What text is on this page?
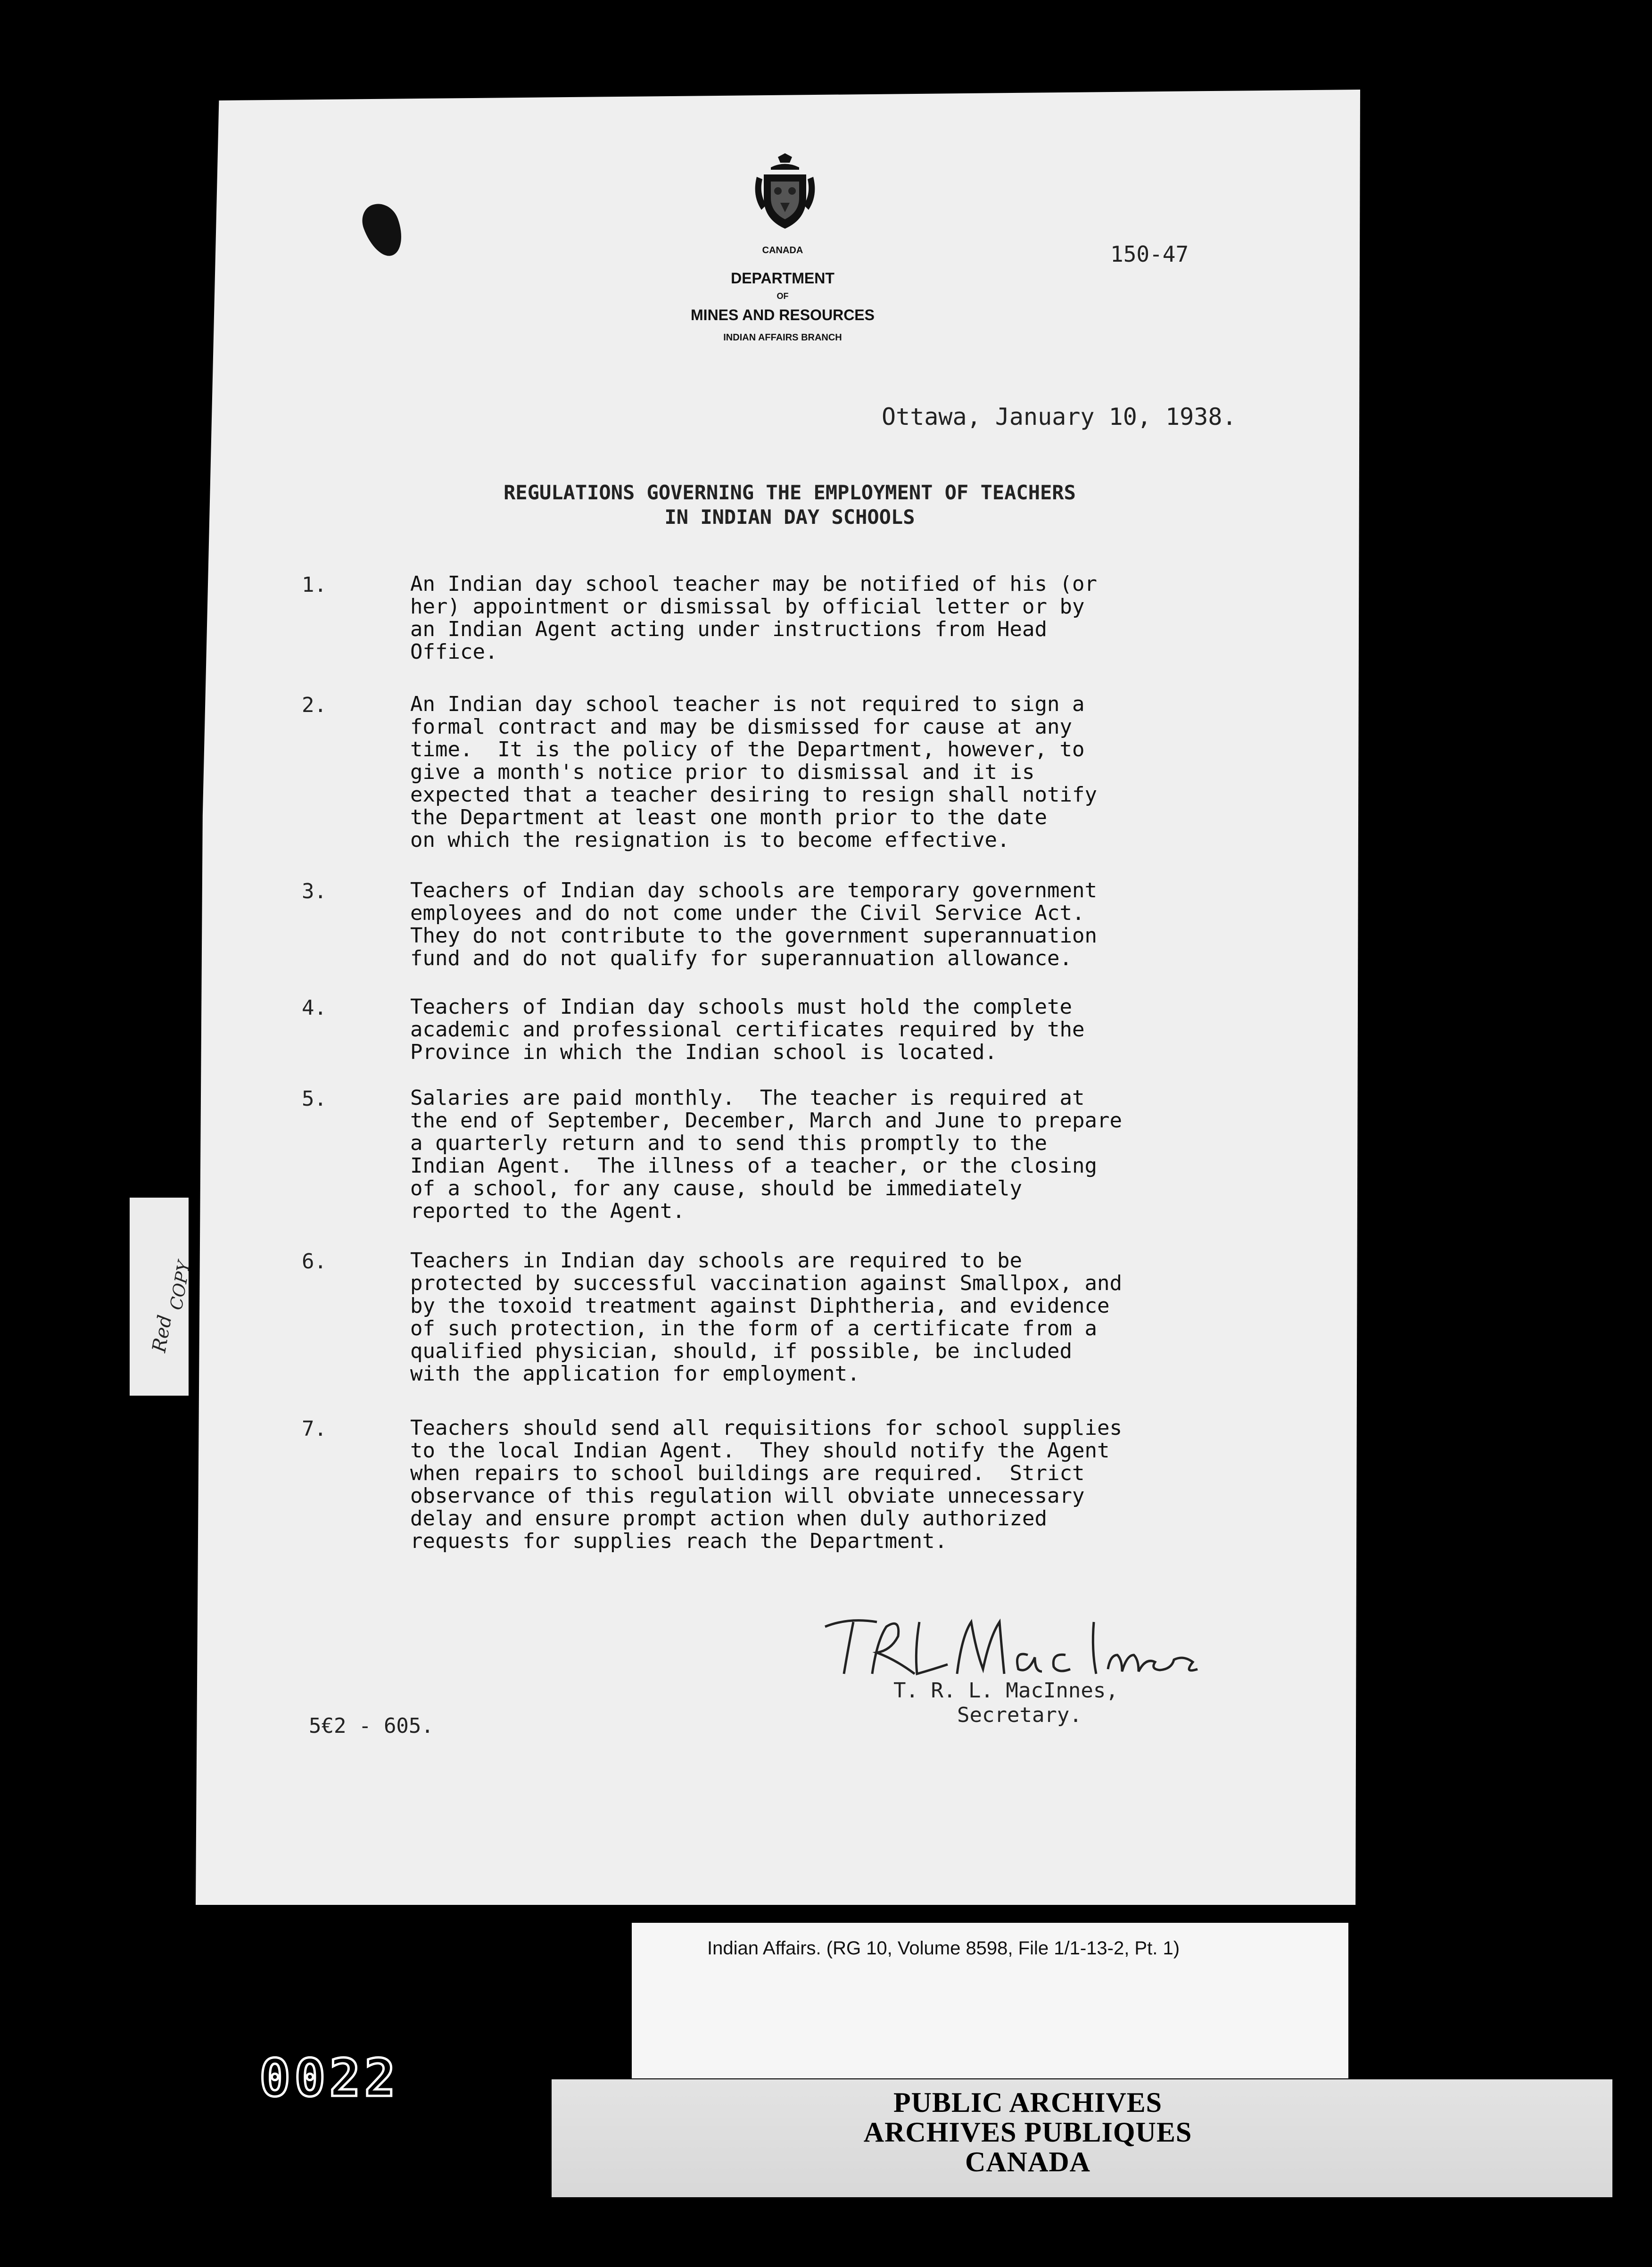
CANADA
DEPARTMENT
OF
MINES AND RESOURCES
INDIAN AFFAIRS BRANCH
150-47
Ottawa, January 10, 1938.
REGULATIONS GOVERNING THE EMPLOYMENT OF TEACHERS
IN INDIAN DAY SCHOOLS
1.	An Indian day school teacher may be notified of his (or
her) appointment or dismissal by official letter or by
an Indian Agent acting under instructions from Head
Office.
2.	An Indian day school teacher is not required to sign a
formal contract and may be dismissed for cause at any
time.  It is the policy of the Department, however, to
give a month's notice prior to dismissal and it is
expected that a teacher desiring to resign shall notify
the Department at least one month prior to the date
on which the resignation is to become effective.
3.	Teachers of Indian day schools are temporary government
employees and do not come under the Civil Service Act.
They do not contribute to the government superannuation
fund and do not qualify for superannuation allowance.
4.	Teachers of Indian day schools must hold the complete
academic and professional certificates required by the
Province in which the Indian school is located.
5.	Salaries are paid monthly.  The teacher is required at
the end of September, December, March and June to prepare
a quarterly return and to send this promptly to the
Indian Agent.  The illness of a teacher, or the closing
of a school, for any cause, should be immediately
reported to the Agent.
6.	Teachers in Indian day schools are required to be
protected by successful vaccination against Smallpox, and
by the toxoid treatment against Diphtheria, and evidence
of such protection, in the form of a certificate from a
qualified physician, should, if possible, be included
with the application for employment.
7.	Teachers should send all requisitions for school supplies
to the local Indian Agent.  They should notify the Agent
when repairs to school buildings are required.  Strict
observance of this regulation will obviate unnecessary
delay and ensure prompt action when duly authorized
requests for supplies reach the Department.
T. R. L. MacInnes,
Secretary.
5€2 - 605.
Red
COPY
Indian Affairs. (RG 10, Volume 8598, File 1/1-13-2, Pt. 1)
0022	PUBLIC ARCHIVES
ARCHIVES PUBLIQUES
CANADA
